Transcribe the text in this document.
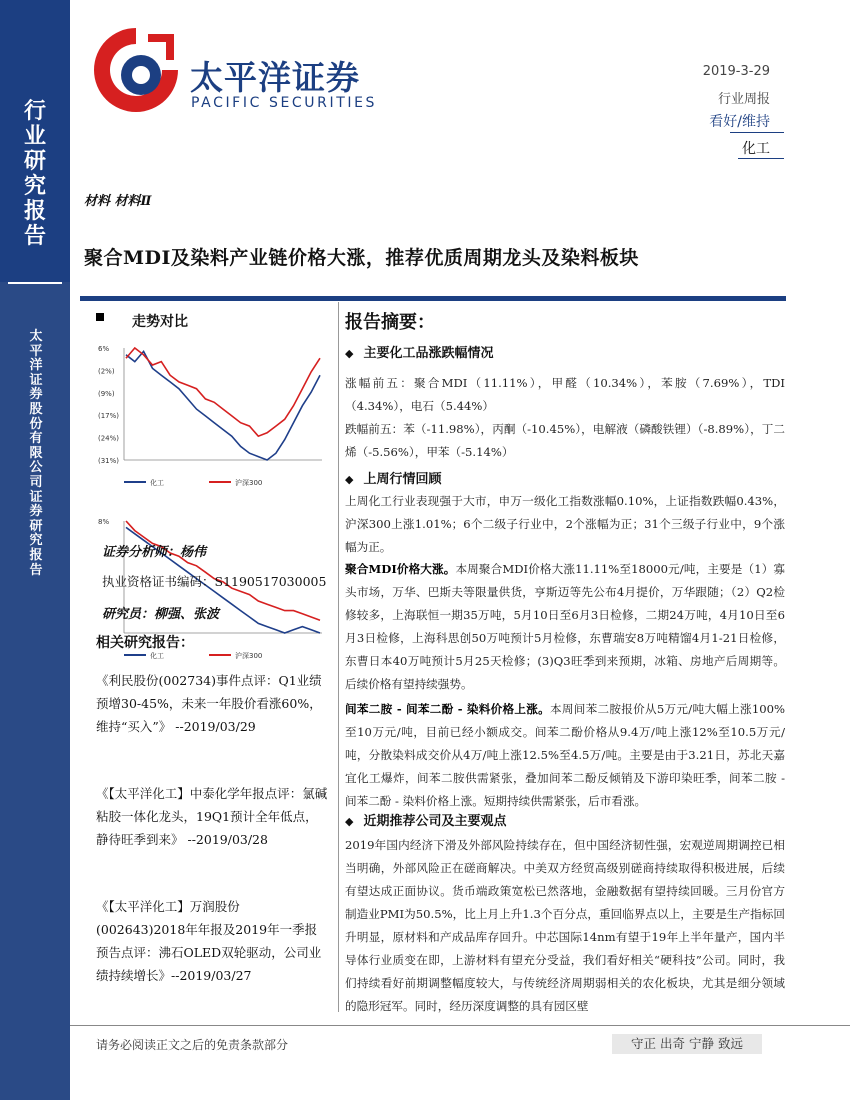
行
业
研
究
报
告
太
平
洋
证
券
股
份
有
限
公
司
证
券
研
究
报
告
太平洋证券
PACIFIC SECURITIES
2019-3-29
行业周报
看好/维持
化工
材料 材料Ⅱ
聚合MDI及染料产业链价格大涨，推荐优质周期龙头及染料板块
走势对比
6%
(2%)
(9%)
(17%)
(24%)
(31%)
化工	沪深300
8%
化工	沪深300
证券分析师：杨伟
执业资格证书编码：S1190517030005
研究员：柳强、张波
相关研究报告：
《利民股份(002734)事件点评：Q1业绩预增30-45%，未来一年股价看涨60%，维持“买入”》 --2019/03/29
《【太平洋化工】中泰化学年报点评：氯碱粘胶一体化龙头，19Q1预计全年低点，静待旺季到来》 --2019/03/28
《【太平洋化工】万润股份(002643)2018年年报及2019年一季报预告点评：沸石OLED双轮驱动，公司业绩持续增长》--2019/03/27
报告摘要：
◆ 主要化工品涨跌幅情况
涨幅前五：聚合MDI（11.11%），甲醛（10.34%），苯胺（7.69%），TDI（4.34%），电石（5.44%）
跌幅前五：苯（-11.98%），丙酮（-10.45%），电解液（磷酸铁锂）（-8.89%），丁二烯（-5.56%），甲苯（-5.14%）
◆ 上周行情回顾
上周化工行业表现强于大市，申万一级化工指数涨幅0.10%，上证指数跌幅0.43%，沪深300上涨1.01%；6个二级子行业中，2个涨幅为正；31个三级子行业中，9个涨幅为正。
聚合MDI价格大涨。本周聚合MDI价格大涨11.11%至18000元/吨，主要是（1）寡头市场，万华、巴斯夫等限量供货，亨斯迈等先公布4月提价，万华跟随；（2）Q2检修较多，上海联恒一期35万吨，5月10日至6月3日检修，二期24万吨，4月10日至6月3日检修，上海科思创50万吨预计5月检修，东曹瑞安8万吨精馏4月1-21日检修，东曹日本40万吨预计5月25天检修；(3)Q3旺季到来预期，冰箱、房地产后周期等。后续价格有望持续强势。
间苯二胺 - 间苯二酚 - 染料价格上涨。本周间苯二胺报价从5万元/吨大幅上涨100%至10万元/吨，目前已经小额成交。间苯二酚价格从9.4万/吨上涨12%至10.5万元/吨，分散染料成交价从4万/吨上涨12.5%至4.5万/吨。主要是由于3.21日，苏北天嘉宜化工爆炸，间苯二胺供需紧张，叠加间苯二酚反倾销及下游印染旺季，间苯二胺 - 间苯二酚 - 染料价格上涨。短期持续供需紧张，后市看涨。
◆ 近期推荐公司及主要观点
2019年国内经济下滑及外部风险持续存在，但中国经济韧性强，宏观逆周期调控已相当明确，外部风险正在磋商解决。中美双方经贸高级别磋商持续取得积极进展，后续有望达成正面协议。货币端政策宽松已然落地，金融数据有望持续回暖。三月份官方制造业PMI为50.5%，比上月上升1.3个百分点，重回临界点以上，主要是生产指标回升明显，原材料和产成品库存回升。中芯国际14nm有望于19年上半年量产，国内半导体行业质变在即，上游材料有望充分受益，我们看好相关“硬科技”公司。同时，我们持续看好前期调整幅度较大，与传统经济周期弱相关的农化板块，尤其是细分领域的隐形冠军。同时，经历深度调整的具有园区壁
请务必阅读正文之后的免责条款部分	守正 出奇 宁静 致远
